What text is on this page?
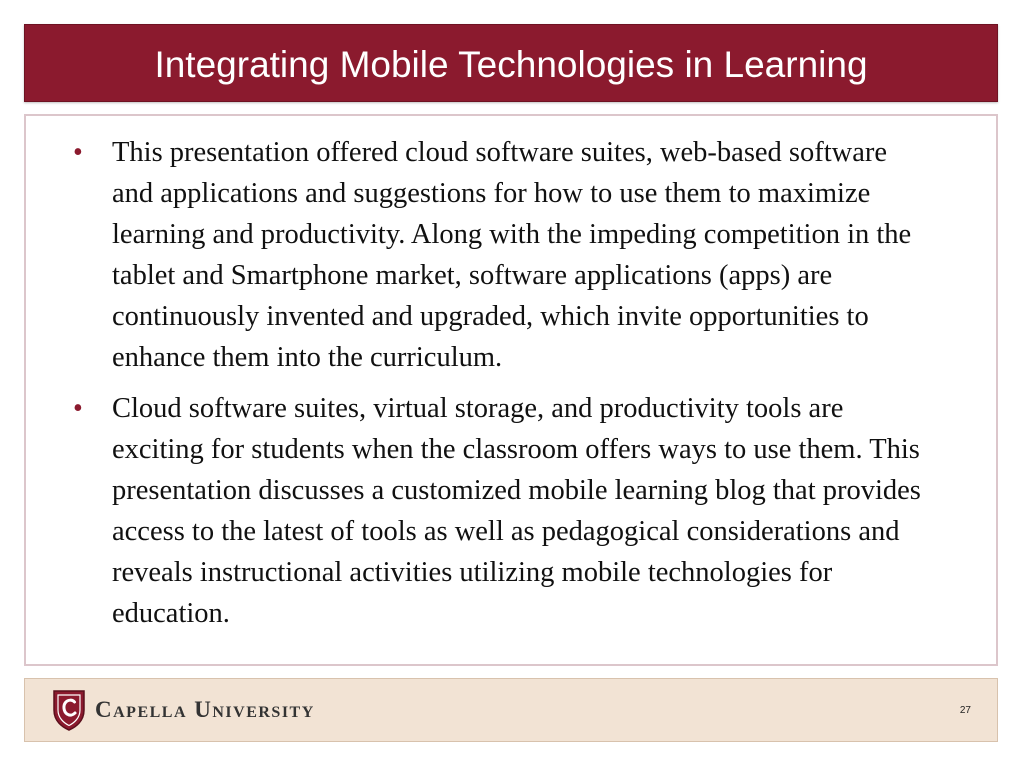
Integrating Mobile Technologies in Learning
• This presentation offered cloud software suites, web-based software and applications and suggestions for how to use them to maximize learning and productivity. Along with the impeding competition in the tablet and Smartphone market, software applications (apps) are continuously invented and upgraded, which invite opportunities to enhance them into the curriculum.
• Cloud software suites, virtual storage, and productivity tools are exciting for students when the classroom offers ways to use them. This presentation discusses a customized mobile learning blog that provides access to the latest of tools as well as pedagogical considerations and reveals instructional activities utilizing mobile technologies for education.
Capella University	27
